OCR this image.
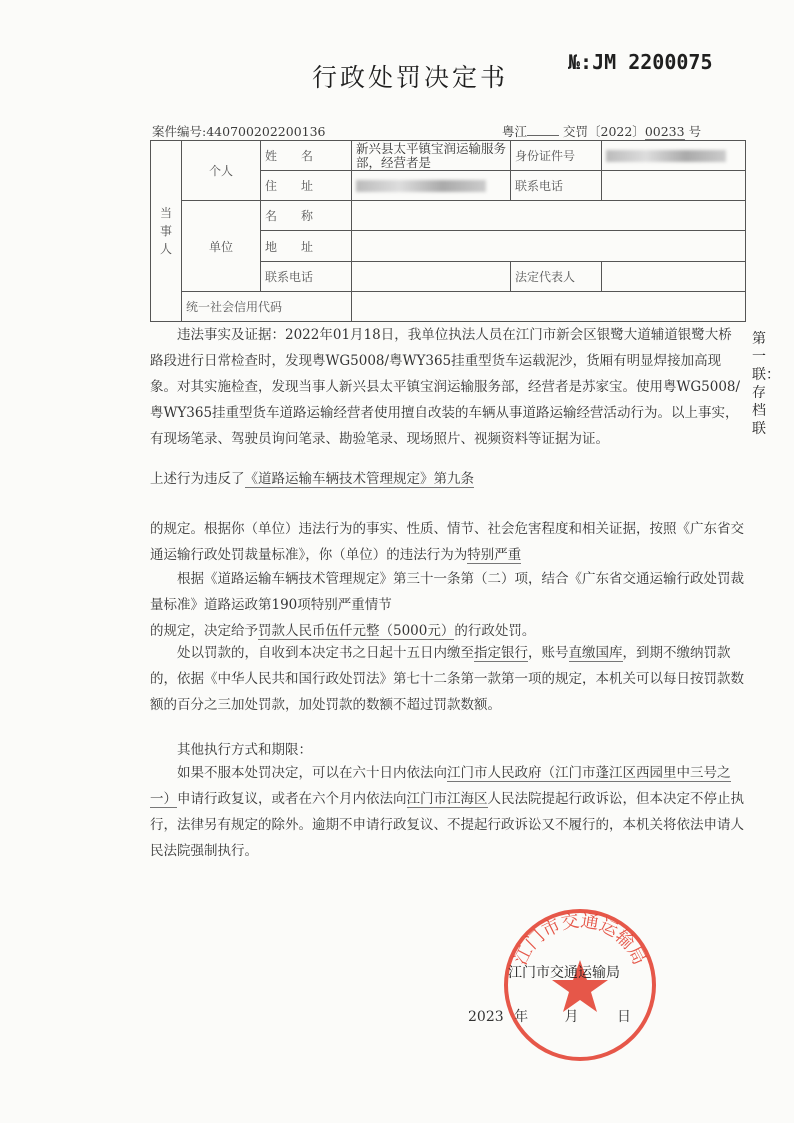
行政处罚决定书
№:JM 2200075
案件编号:440700202200136	粤江	交罚〔2022〕00233 号
当事人	个人	姓　　名	新兴县太平镇宝润运输服务部，经营者是	身份证件号	
		住　　址		联系电话	
	单位	名　　称			
		地　　址			
		联系电话		法定代表人	
	统一社会信用代码				
违法事实及证据：2022年01月18日，我单位执法人员在江门市新会区银鹭大道辅道银鹭大桥路段进行日常检查时，发现粤WG5008/粤WY365挂重型货车运载泥沙，货厢有明显焊接加高现象。对其实施检查，发现当事人新兴县太平镇宝润运输服务部，经营者是苏家宝。使用粤WG5008/粤WY365挂重型货车道路运输经营者使用擅自改装的车辆从事道路运输经营活动行为。以上事实，有现场笔录、驾驶员询问笔录、勘验笔录、现场照片、视频资料等证据为证。
上述行为违反了《道路运输车辆技术管理规定》第九条
的规定。根据你（单位）违法行为的事实、性质、情节、社会危害程度和相关证据，按照《广东省交通运输行政处罚裁量标准》，你（单位）的违法行为为特别严重
根据《道路运输车辆技术管理规定》第三十一条第（二）项，结合《广东省交通运输行政处罚裁量标准》道路运政第190项特别严重情节
的规定，决定给予罚款人民币伍仟元整（5000元）的行政处罚。
处以罚款的，自收到本决定书之日起十五日内缴至指定银行，账号直缴国库，到期不缴纳罚款的，依据《中华人民共和国行政处罚法》第七十二条第一款第一项的规定，本机关可以每日按罚款数额的百分之三加处罚款，加处罚款的数额不超过罚款数额。
其他执行方式和期限：
如果不服本处罚决定，可以在六十日内依法向江门市人民政府（江门市蓬江区西园里中三号之一）申请行政复议，或者在六个月内依法向江门市江海区人民法院提起行政诉讼，但本决定不停止执行，法律另有规定的除外。逾期不申请行政复议、不提起行政诉讼又不履行的，本机关将依法申请人民法院强制执行。
第一联：存档联
江门市交通运输局
江门市交通运输局
2023 年	月	日
